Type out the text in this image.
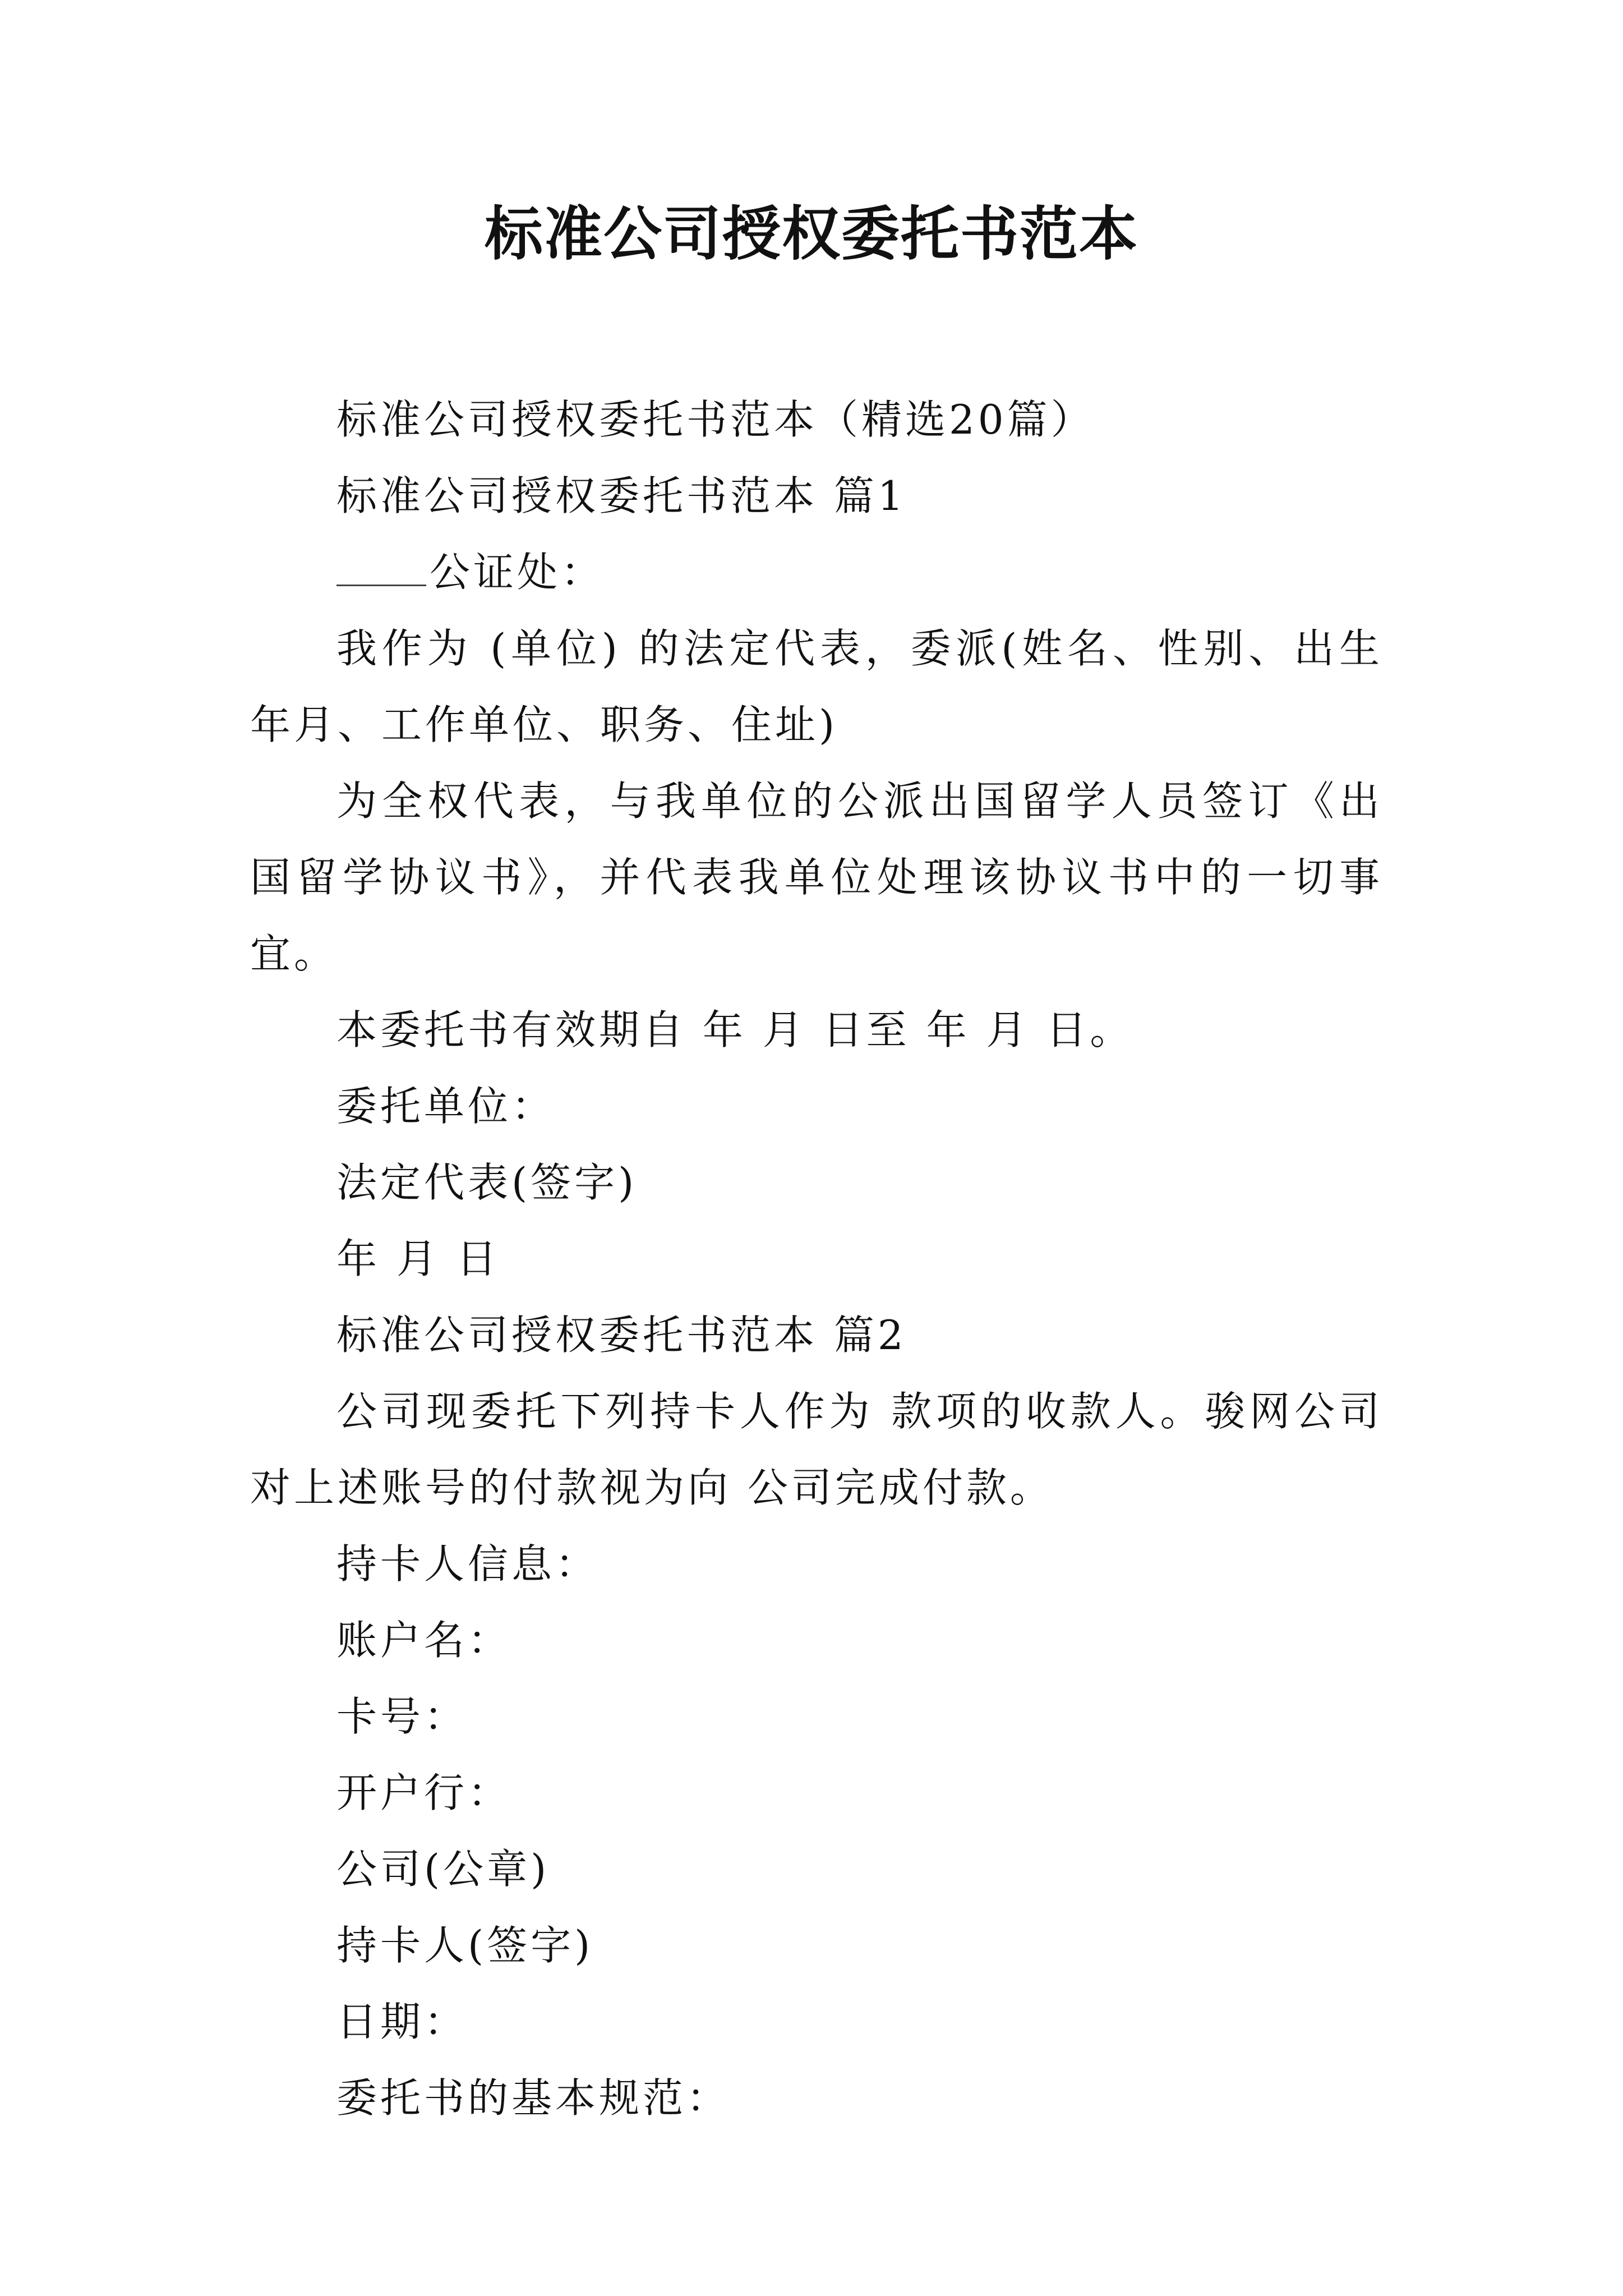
标准公司授权委托书范本

标准公司授权委托书范本（精选20篇）

标准公司授权委托书范本 篇1

公证处：

我作为 (单位) 的法定代表，委派(姓名、性别、出生年月、工作单位、职务、住址)

为全权代表，与我单位的公派出国留学人员签订《出国留学协议书》，并代表我单位处理该协议书中的一切事宜。

本委托书有效期自 年 月 日至 年 月 日。

委托单位：

法定代表(签字)

年 月 日

标准公司授权委托书范本 篇2

公司现委托下列持卡人作为 款项的收款人。骏网公司对上述账号的付款视为向 公司完成付款。

持卡人信息：

账户名：

卡号：

开户行：

公司(公章)

持卡人(签字)

日期：

委托书的基本规范：
